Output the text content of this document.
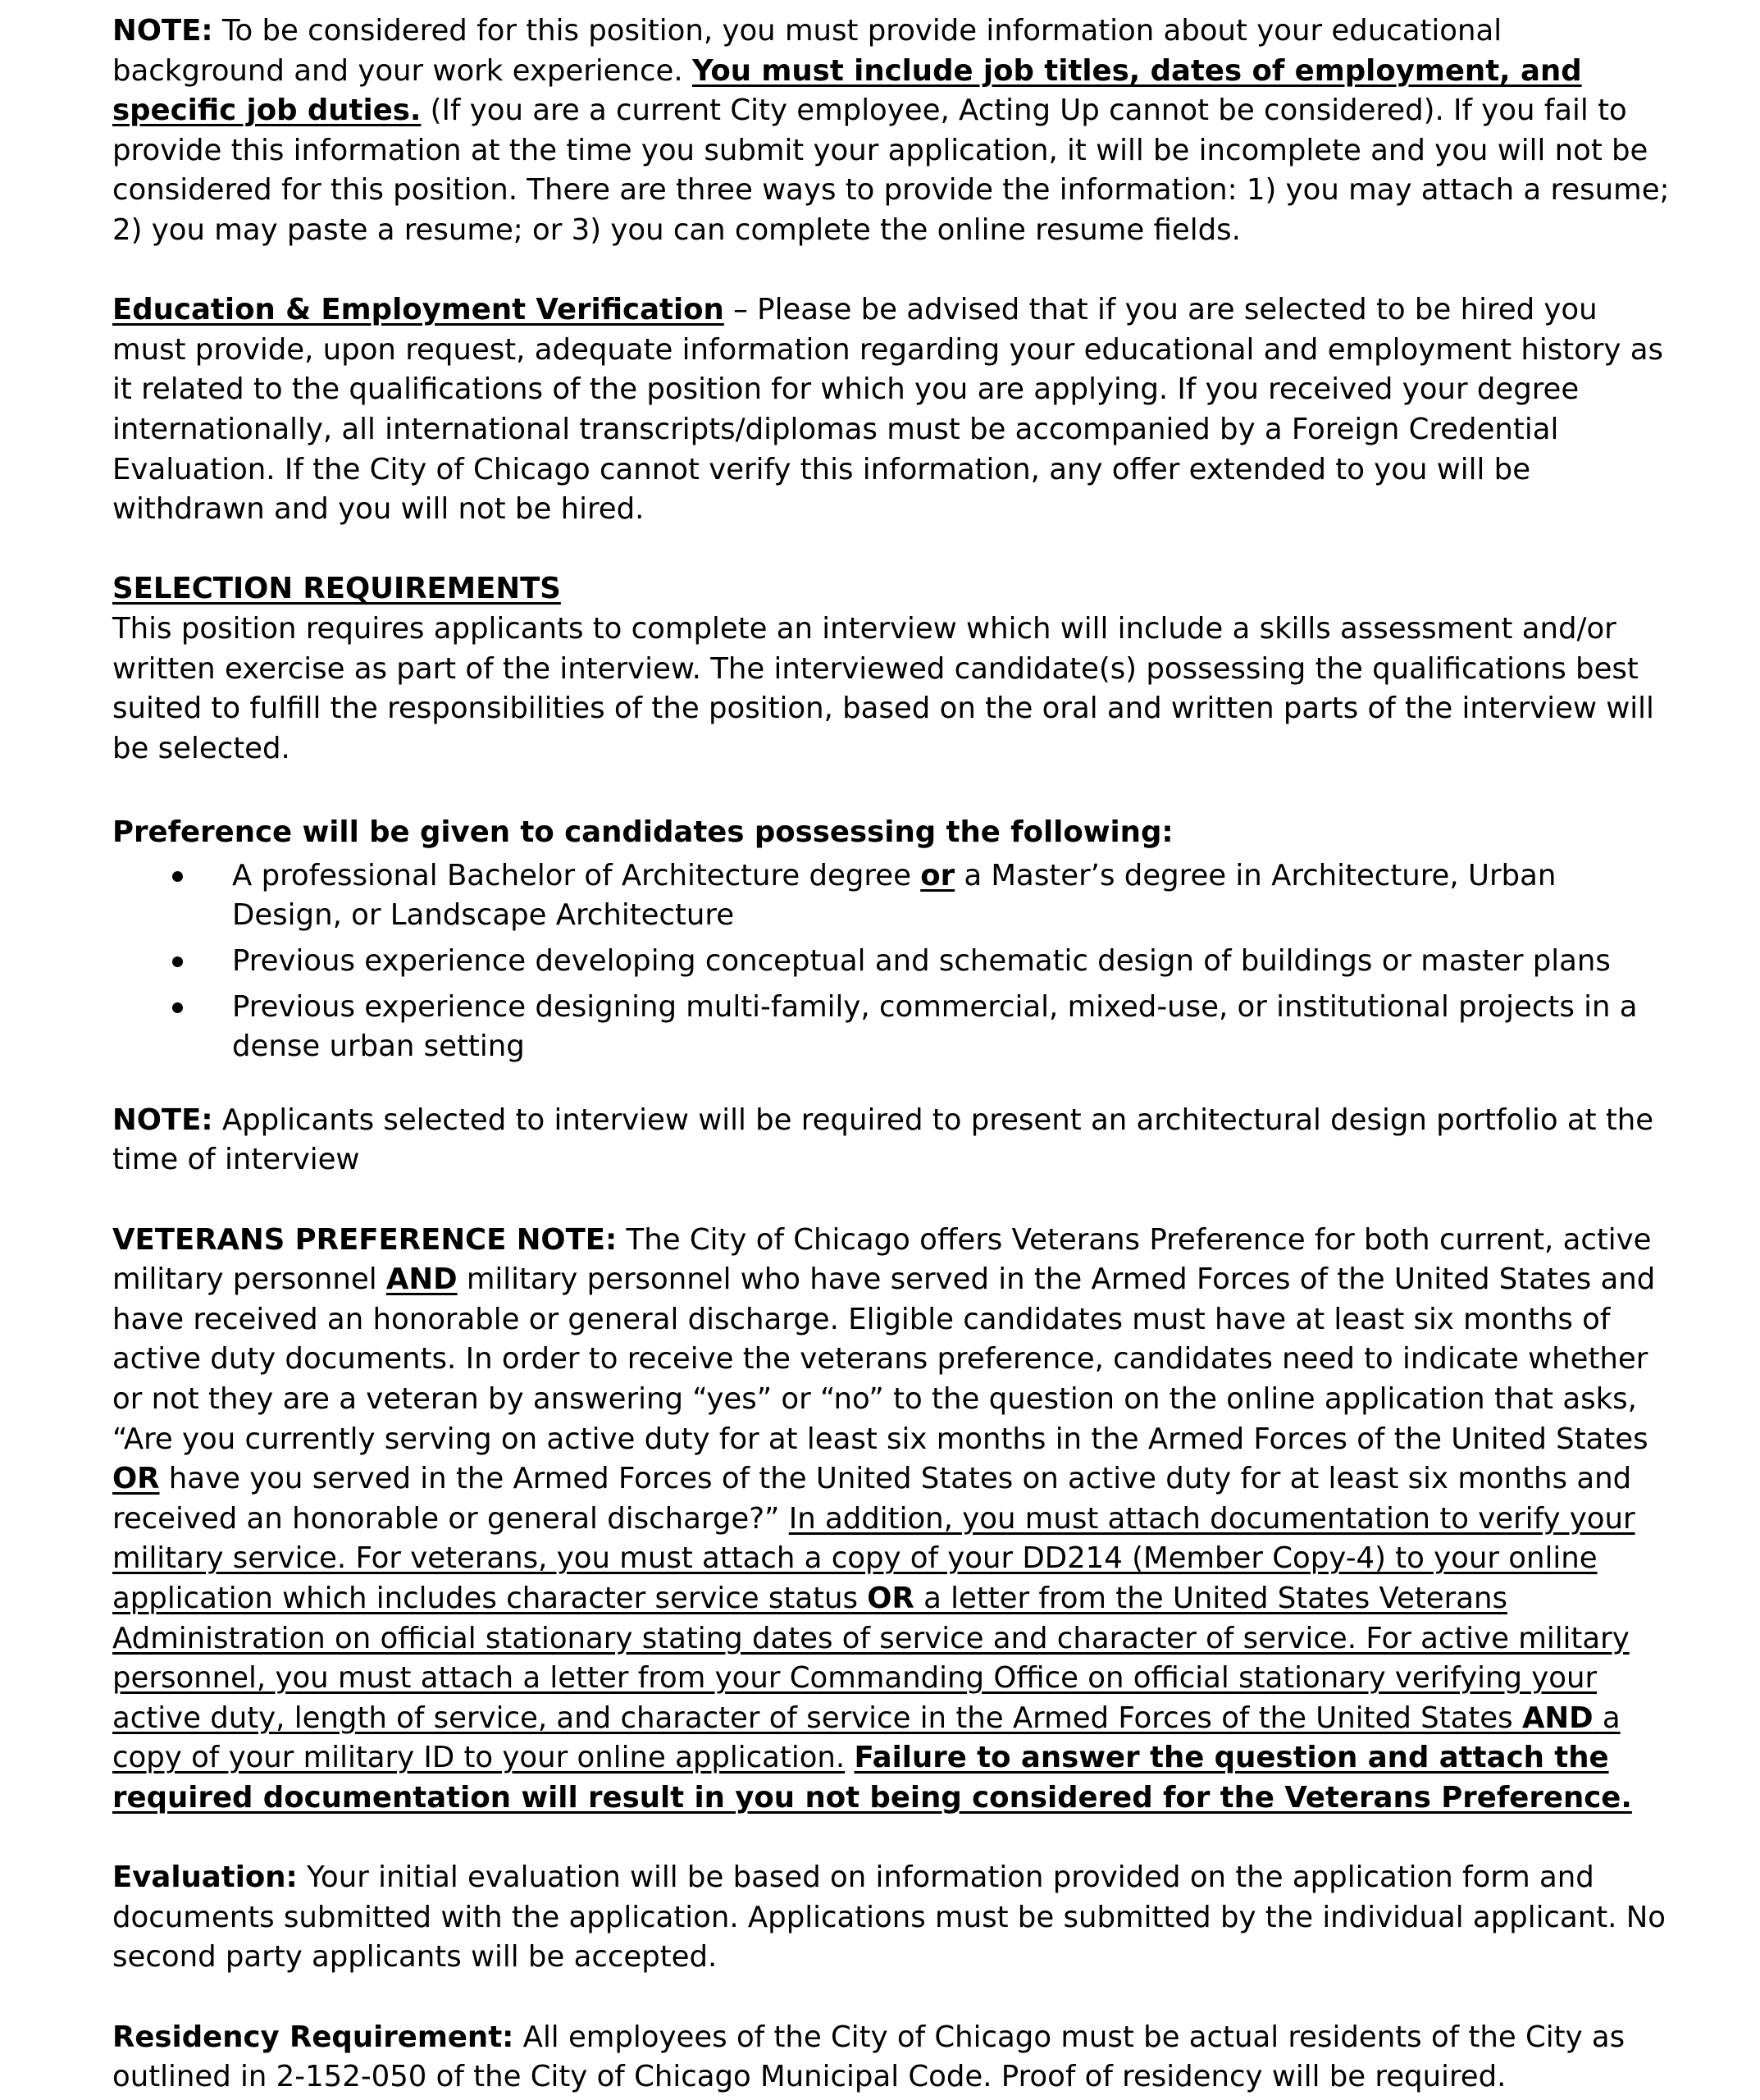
NOTE: To be considered for this position, you must provide information about your educational background and your work experience. You must include job titles, dates of employment, and specific job duties. (If you are a current City employee, Acting Up cannot be considered). If you fail to provide this information at the time you submit your application, it will be incomplete and you will not be considered for this position. There are three ways to provide the information: 1) you may attach a resume; 2) you may paste a resume; or 3) you can complete the online resume fields.

Education & Employment Verification – Please be advised that if you are selected to be hired you must provide, upon request, adequate information regarding your educational and employment history as it related to the qualifications of the position for which you are applying. If you received your degree internationally, all international transcripts/diplomas must be accompanied by a Foreign Credential Evaluation. If the City of Chicago cannot verify this information, any offer extended to you will be withdrawn and you will not be hired.

SELECTION REQUIREMENTS

This position requires applicants to complete an interview which will include a skills assessment and/or written exercise as part of the interview. The interviewed candidate(s) possessing the qualifications best suited to fulfill the responsibilities of the position, based on the oral and written parts of the interview will be selected.

Preference will be given to candidates possessing the following:

A professional Bachelor of Architecture degree or a Master’s degree in Architecture, Urban Design, or Landscape Architecture
Previous experience developing conceptual and schematic design of buildings or master plans
Previous experience designing multi-family, commercial, mixed-use, or institutional projects in a dense urban setting

NOTE: Applicants selected to interview will be required to present an architectural design portfolio at the time of interview

VETERANS PREFERENCE NOTE: The City of Chicago offers Veterans Preference for both current, active military personnel AND military personnel who have served in the Armed Forces of the United States and have received an honorable or general discharge. Eligible candidates must have at least six months of active duty documents. In order to receive the veterans preference, candidates need to indicate whether or not they are a veteran by answering “yes” or “no” to the question on the online application that asks, “Are you currently serving on active duty for at least six months in the Armed Forces of the United States OR have you served in the Armed Forces of the United States on active duty for at least six months and received an honorable or general discharge?” In addition, you must attach documentation to verify your military service. For veterans, you must attach a copy of your DD214 (Member Copy-4) to your online application which includes character service status OR a letter from the United States Veterans Administration on official stationary stating dates of service and character of service. For active military personnel, you must attach a letter from your Commanding Office on official stationary verifying your active duty, length of service, and character of service in the Armed Forces of the United States AND a copy of your military ID to your online application. Failure to answer the question and attach the required documentation will result in you not being considered for the Veterans Preference.

Evaluation: Your initial evaluation will be based on information provided on the application form and documents submitted with the application. Applications must be submitted by the individual applicant. No second party applicants will be accepted.

Residency Requirement: All employees of the City of Chicago must be actual residents of the City as outlined in 2-152-050 of the City of Chicago Municipal Code. Proof of residency will be required.
